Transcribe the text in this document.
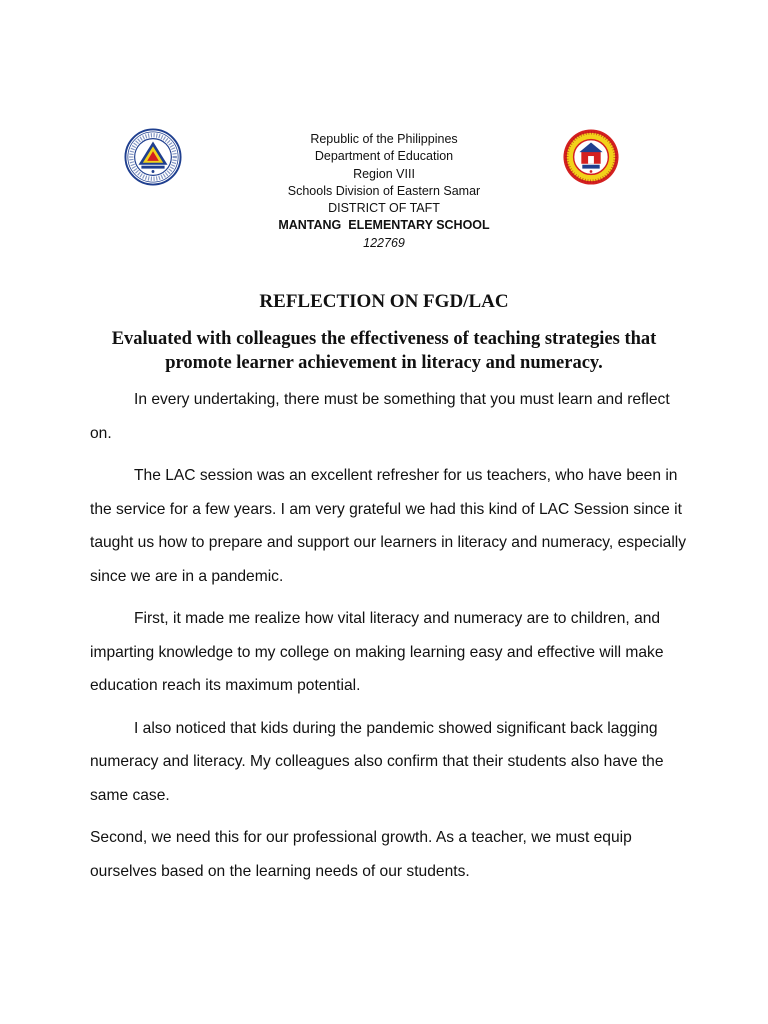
Republic of the Philippines
Department of Education
Region VIII
Schools Division of Eastern Samar
DISTRICT OF TAFT
MANTANG  ELEMENTARY SCHOOL
122769
REFLECTION ON FGD/LAC
Evaluated with colleagues the effectiveness of teaching strategies that promote learner achievement in literacy and numeracy.

In every undertaking, there must be something that you must learn and reflect on.

The LAC session was an excellent refresher for us teachers, who have been in the service for a few years. I am very grateful we had this kind of LAC Session since it taught us how to prepare and support our learners in literacy and numeracy, especially since we are in a pandemic.

First, it made me realize how vital literacy and numeracy are to children, and imparting knowledge to my college on making learning easy and effective will make education reach its maximum potential.

I also noticed that kids during the pandemic showed significant back lagging numeracy and literacy. My colleagues also confirm that their students also have the same case.

Second, we need this for our professional growth. As a teacher, we must equip ourselves based on the learning needs of our students.
